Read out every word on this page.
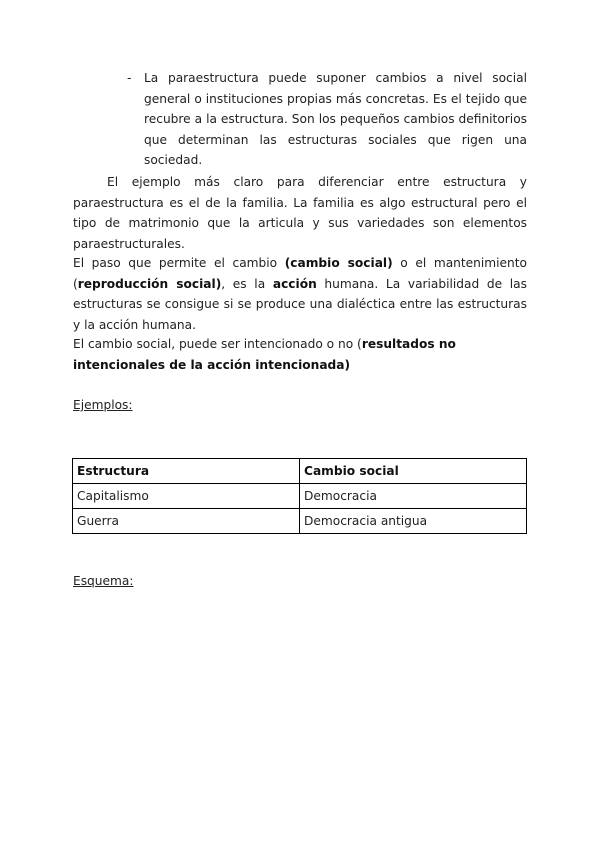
- La paraestructura puede suponer cambios a nivel social general o instituciones propias más concretas. Es el tejido que recubre a la estructura. Son los pequeños cambios definitorios que determinan las estructuras sociales que rigen una sociedad.

El ejemplo más claro para diferenciar entre estructura y paraestructura es el de la familia. La familia es algo estructural pero el tipo de matrimonio que la articula y sus variedades son elementos paraestructurales.

El paso que permite el cambio (cambio social) o el mantenimiento (reproducción social), es la acción humana. La variabilidad de las estructuras se consigue si se produce una dialéctica entre las estructuras y la acción humana.

El cambio social, puede ser intencionado o no (resultados no intencionales de la acción intencionada)

Ejemplos:

Estructura	Cambio social
Capitalismo	Democracia
Guerra	Democracia antigua

Esquema:
